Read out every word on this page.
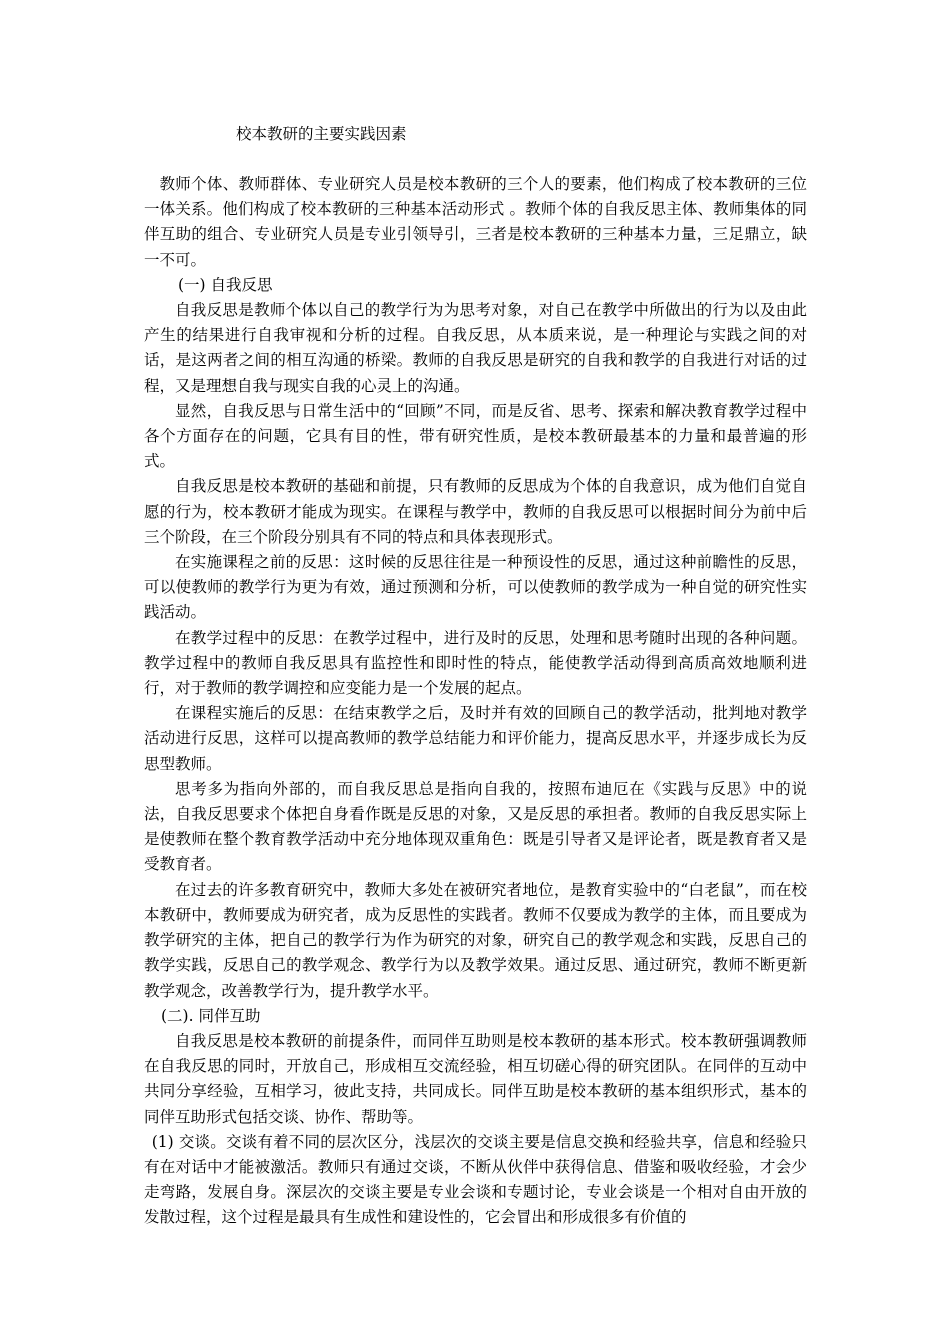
校本教研的主要实践因素

教师个体、教师群体、专业研究人员是校本教研的三个人的要素，他们构成了校本教研的三位一体关系。他们构成了校本教研的三种基本活动形式 。教师个体的自我反思主体、教师集体的同伴互助的组合、专业研究人员是专业引领导引，三者是校本教研的三种基本力量，三足鼎立，缺一不可。

(一) 自我反思

自我反思是教师个体以自己的教学行为为思考对象，对自己在教学中所做出的行为以及由此产生的结果进行自我审视和分析的过程。自我反思，从本质来说，是一种理论与实践之间的对话，是这两者之间的相互沟通的桥梁。教师的自我反思是研究的自我和教学的自我进行对话的过程，又是理想自我与现实自我的心灵上的沟通。

显然，自我反思与日常生活中的“回顾”不同，而是反省、思考、探索和解决教育教学过程中各个方面存在的问题，它具有目的性，带有研究性质，是校本教研最基本的力量和最普遍的形式。

自我反思是校本教研的基础和前提，只有教师的反思成为个体的自我意识，成为他们自觉自愿的行为，校本教研才能成为现实。在课程与教学中，教师的自我反思可以根据时间分为前中后三个阶段，在三个阶段分别具有不同的特点和具体表现形式。

在实施课程之前的反思：这时候的反思往往是一种预设性的反思，通过这种前瞻性的反思，可以使教师的教学行为更为有效，通过预测和分析，可以使教师的教学成为一种自觉的研究性实践活动。

在教学过程中的反思：在教学过程中，进行及时的反思，处理和思考随时出现的各种问题。教学过程中的教师自我反思具有监控性和即时性的特点，能使教学活动得到高质高效地顺利进行，对于教师的教学调控和应变能力是一个发展的起点。

在课程实施后的反思：在结束教学之后，及时并有效的回顾自己的教学活动，批判地对教学活动进行反思，这样可以提高教师的教学总结能力和评价能力，提高反思水平，并逐步成长为反思型教师。

思考多为指向外部的，而自我反思总是指向自我的，按照布迪厄在《实践与反思》中的说法，自我反思要求个体把自身看作既是反思的对象，又是反思的承担者。教师的自我反思实际上是使教师在整个教育教学活动中充分地体现双重角色：既是引导者又是评论者，既是教育者又是受教育者。

在过去的许多教育研究中，教师大多处在被研究者地位，是教育实验中的“白老鼠”，而在校本教研中，教师要成为研究者，成为反思性的实践者。教师不仅要成为教学的主体，而且要成为教学研究的主体，把自己的教学行为作为研究的对象，研究自己的教学观念和实践，反思自己的教学实践，反思自己的教学观念、教学行为以及教学效果。通过反思、通过研究，教师不断更新教学观念，改善教学行为，提升教学水平。

(二). 同伴互助

自我反思是校本教研的前提条件，而同伴互助则是校本教研的基本形式。校本教研强调教师在自我反思的同时，开放自己，形成相互交流经验，相互切磋心得的研究团队。在同伴的互动中共同分享经验，互相学习，彼此支持，共同成长。同伴互助是校本教研的基本组织形式，基本的同伴互助形式包括交谈、协作、帮助等。

(1) 交谈。交谈有着不同的层次区分，浅层次的交谈主要是信息交换和经验共享，信息和经验只有在对话中才能被激活。教师只有通过交谈，不断从伙伴中获得信息、借鉴和吸收经验，才会少走弯路，发展自身。深层次的交谈主要是专业会谈和专题讨论，专业会谈是一个相对自由开放的发散过程，这个过程是最具有生成性和建设性的，它会冒出和形成很多有价值的
